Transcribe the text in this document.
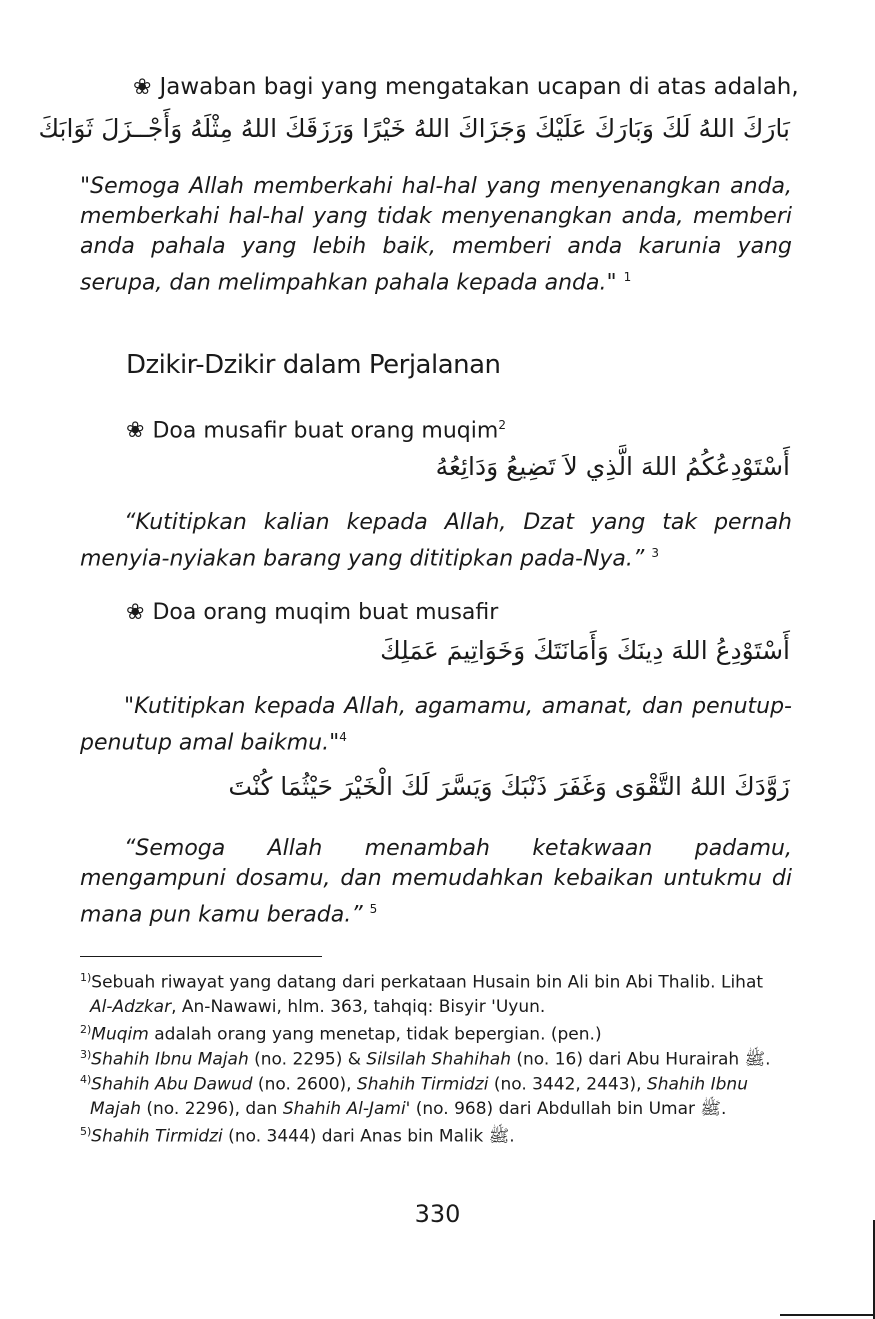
❀ Jawaban bagi yang mengatakan ucapan di atas adalah,
بَارَكَ اللهُ لَكَ وَبَارَكَ عَلَيْكَ وَجَزَاكَ اللهُ خَيْرًا وَرَزَقَكَ اللهُ مِثْلَهُ وَأَجْــزَلَ ثَوَابَكَ
"Semoga Allah memberkahi hal-hal yang menyenangkan anda, memberkahi hal-hal yang tidak menyenangkan anda, memberi anda pahala yang lebih baik, memberi anda karunia yang serupa, dan melimpahkan pahala kepada anda." $^1$
Dzikir-Dzikir dalam Perjalanan
❀ Doa musafir buat orang muqim$^2$
أَسْتَوْدِعُكُمُ اللهَ الَّذِي لاَ تَضِيعُ وَدَائِعُهُ
“Kutitipkan kalian kepada Allah, Dzat yang tak pernah menyia-nyiakan barang yang dititipkan pada-Nya.” $^3$
❀ Doa orang muqim buat musafir
أَسْتَوْدِعُ اللهَ دِينَكَ وَأَمَانَتَكَ وَخَوَاتِيمَ عَمَلِكَ
"Kutitipkan kepada Allah, agamamu, amanat, dan penutup-penutup amal baikmu."$^4$
زَوَّدَكَ اللهُ التَّقْوَى وَغَفَرَ ذَنْبَكَ وَيَسَّرَ لَكَ الْخَيْرَ حَيْثُمَا كُنْتَ
“Semoga Allah menambah ketakwaan padamu, mengampuni dosamu, dan memudahkan kebaikan untukmu di mana pun kamu berada.” $^5$
$^{1)}$Sebuah riwayat yang datang dari perkataan Husain bin Ali bin Abi Thalib. Lihat
Al-Adzkar, An-Nawawi, hlm. 363, tahqiq: Bisyir 'Uyun.
$^{2)}$Muqim adalah orang yang menetap, tidak bepergian. (pen.)
$^{3)}$Shahih Ibnu Majah (no. 2295) & Silsilah Shahihah (no. 16) dari Abu Hurairah ﷺ.
$^{4)}$Shahih Abu Dawud (no. 2600), Shahih Tirmidzi (no. 3442, 2443), Shahih Ibnu
Majah (no. 2296), dan Shahih Al-Jami' (no. 968) dari Abdullah bin Umar ﷺ.
$^{5)}$Shahih Tirmidzi (no. 3444) dari Anas bin Malik ﷺ.
330
